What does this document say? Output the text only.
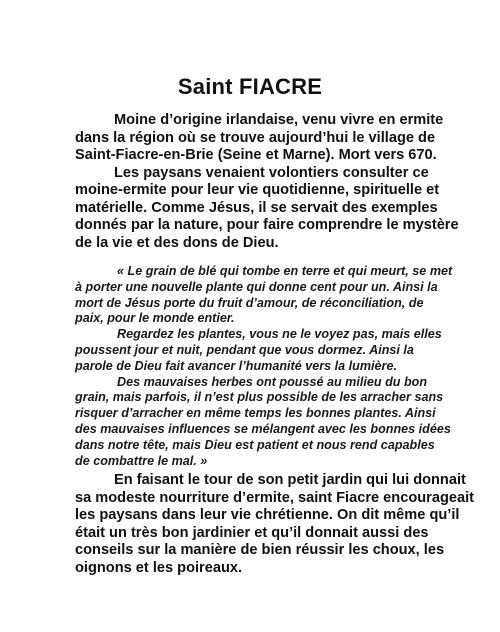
Saint FIACRE
Moine d’origine irlandaise, venu vivre en ermite
dans la région où se trouve aujourd’hui le village de
Saint-Fiacre-en-Brie (Seine et Marne). Mort vers 670.
Les paysans venaient volontiers consulter ce
moine-ermite pour leur vie quotidienne, spirituelle et
matérielle. Comme Jésus, il se servait des exemples
donnés par la nature, pour faire comprendre le mystère
de la vie et des dons de Dieu.
« Le grain de blé qui tombe en terre et qui meurt, se met
à porter une nouvelle plante qui donne cent pour un. Ainsi la
mort de Jésus porte du fruit d’amour, de réconciliation, de
paix, pour le monde entier.
Regardez les plantes, vous ne le voyez pas, mais elles
poussent jour et nuit, pendant que vous dormez. Ainsi la
parole de Dieu fait avancer l’humanité vers la lumière.
Des mauvaises herbes ont poussé au milieu du bon
grain, mais parfois, il n’est plus possible de les arracher sans
risquer d’arracher en même temps les bonnes plantes. Ainsi
des mauvaises influences se mélangent avec les bonnes idées
dans notre tête, mais Dieu est patient et nous rend capables
de combattre le mal. »
En faisant le tour de son petit jardin qui lui donnait
sa modeste nourriture d’ermite, saint Fiacre encourageait
les paysans dans leur vie chrétienne. On dit même qu’il
était un très bon jardinier et qu’il donnait aussi des
conseils sur la manière de bien réussir les choux, les
oignons et les poireaux.
